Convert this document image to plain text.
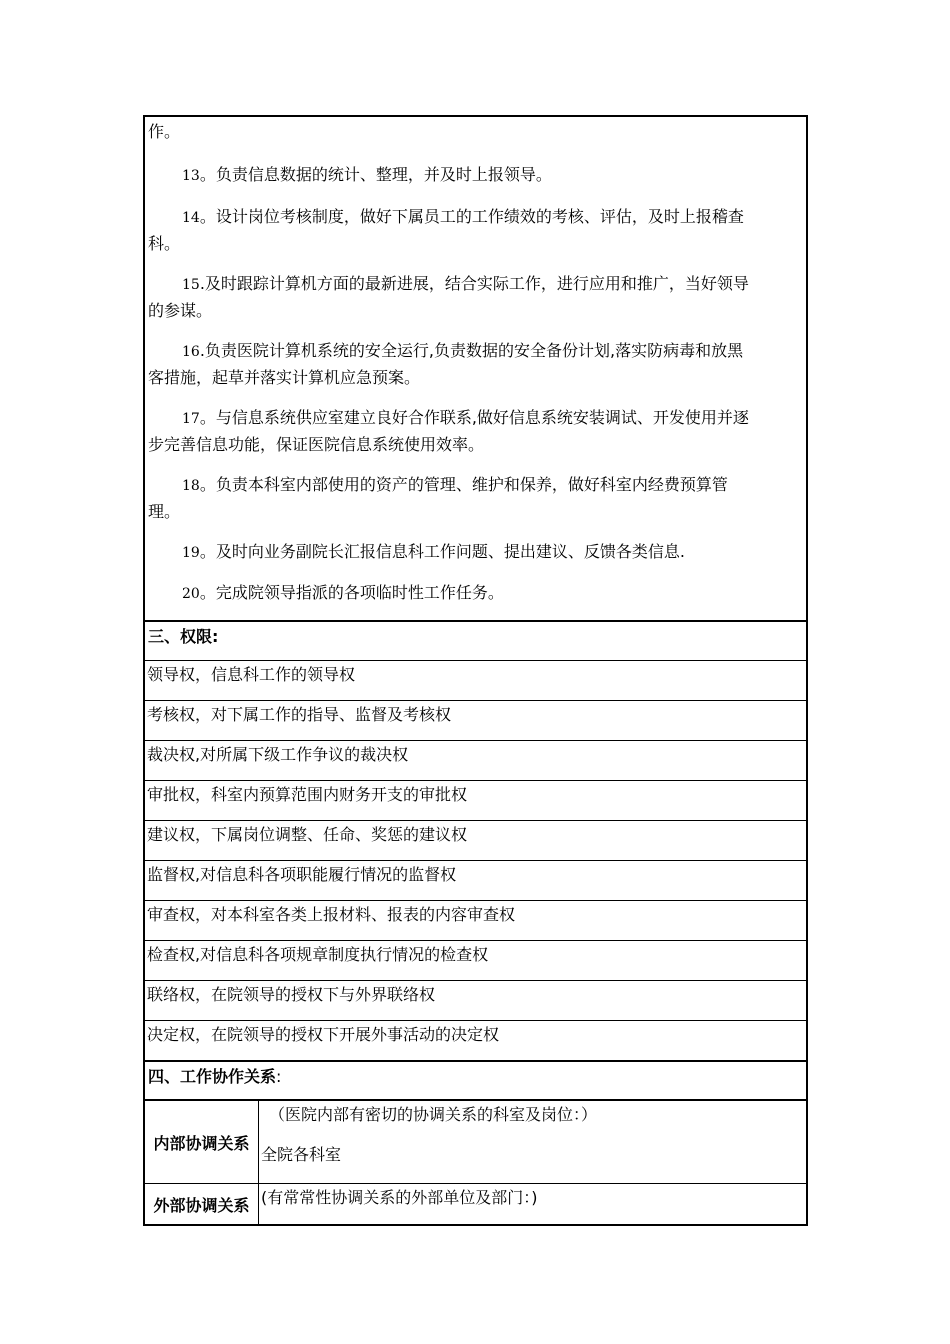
作。
13。负责信息数据的统计、整理，并及时上报领导。
14。设计岗位考核制度，做好下属员工的工作绩效的考核、评估，及时上报稽查
科。
15.及时跟踪计算机方面的最新进展，结合实际工作，进行应用和推广，当好领导
的参谋。
16.负责医院计算机系统的安全运行,负责数据的安全备份计划,落实防病毒和放黑
客措施，起草并落实计算机应急预案。
17。与信息系统供应室建立良好合作联系,做好信息系统安装调试、开发使用并逐
步完善信息功能，保证医院信息系统使用效率。
18。负责本科室内部使用的资产的管理、维护和保养，做好科室内经费预算管
理。
19。及时向业务副院长汇报信息科工作问题、提出建议、反馈各类信息.
20。完成院领导指派的各项临时性工作任务。
三、权限:
领导权，信息科工作的领导权
考核权，对下属工作的指导、监督及考核权
裁决权,对所属下级工作争议的裁决权
审批权，科室内预算范围内财务开支的审批权
建议权，下属岗位调整、任命、奖惩的建议权
监督权,对信息科各项职能履行情况的监督权
审查权，对本科室各类上报材料、报表的内容审查权
检查权,对信息科各项规章制度执行情况的检查权
联络权，在院领导的授权下与外界联络权
决定权，在院领导的授权下开展外事活动的决定权
四、工作协作关系:
内部协调关系
（医院内部有密切的协调关系的科室及岗位：）
全院各科室
外部协调关系 (有常常性协调关系的外部单位及部门：)
